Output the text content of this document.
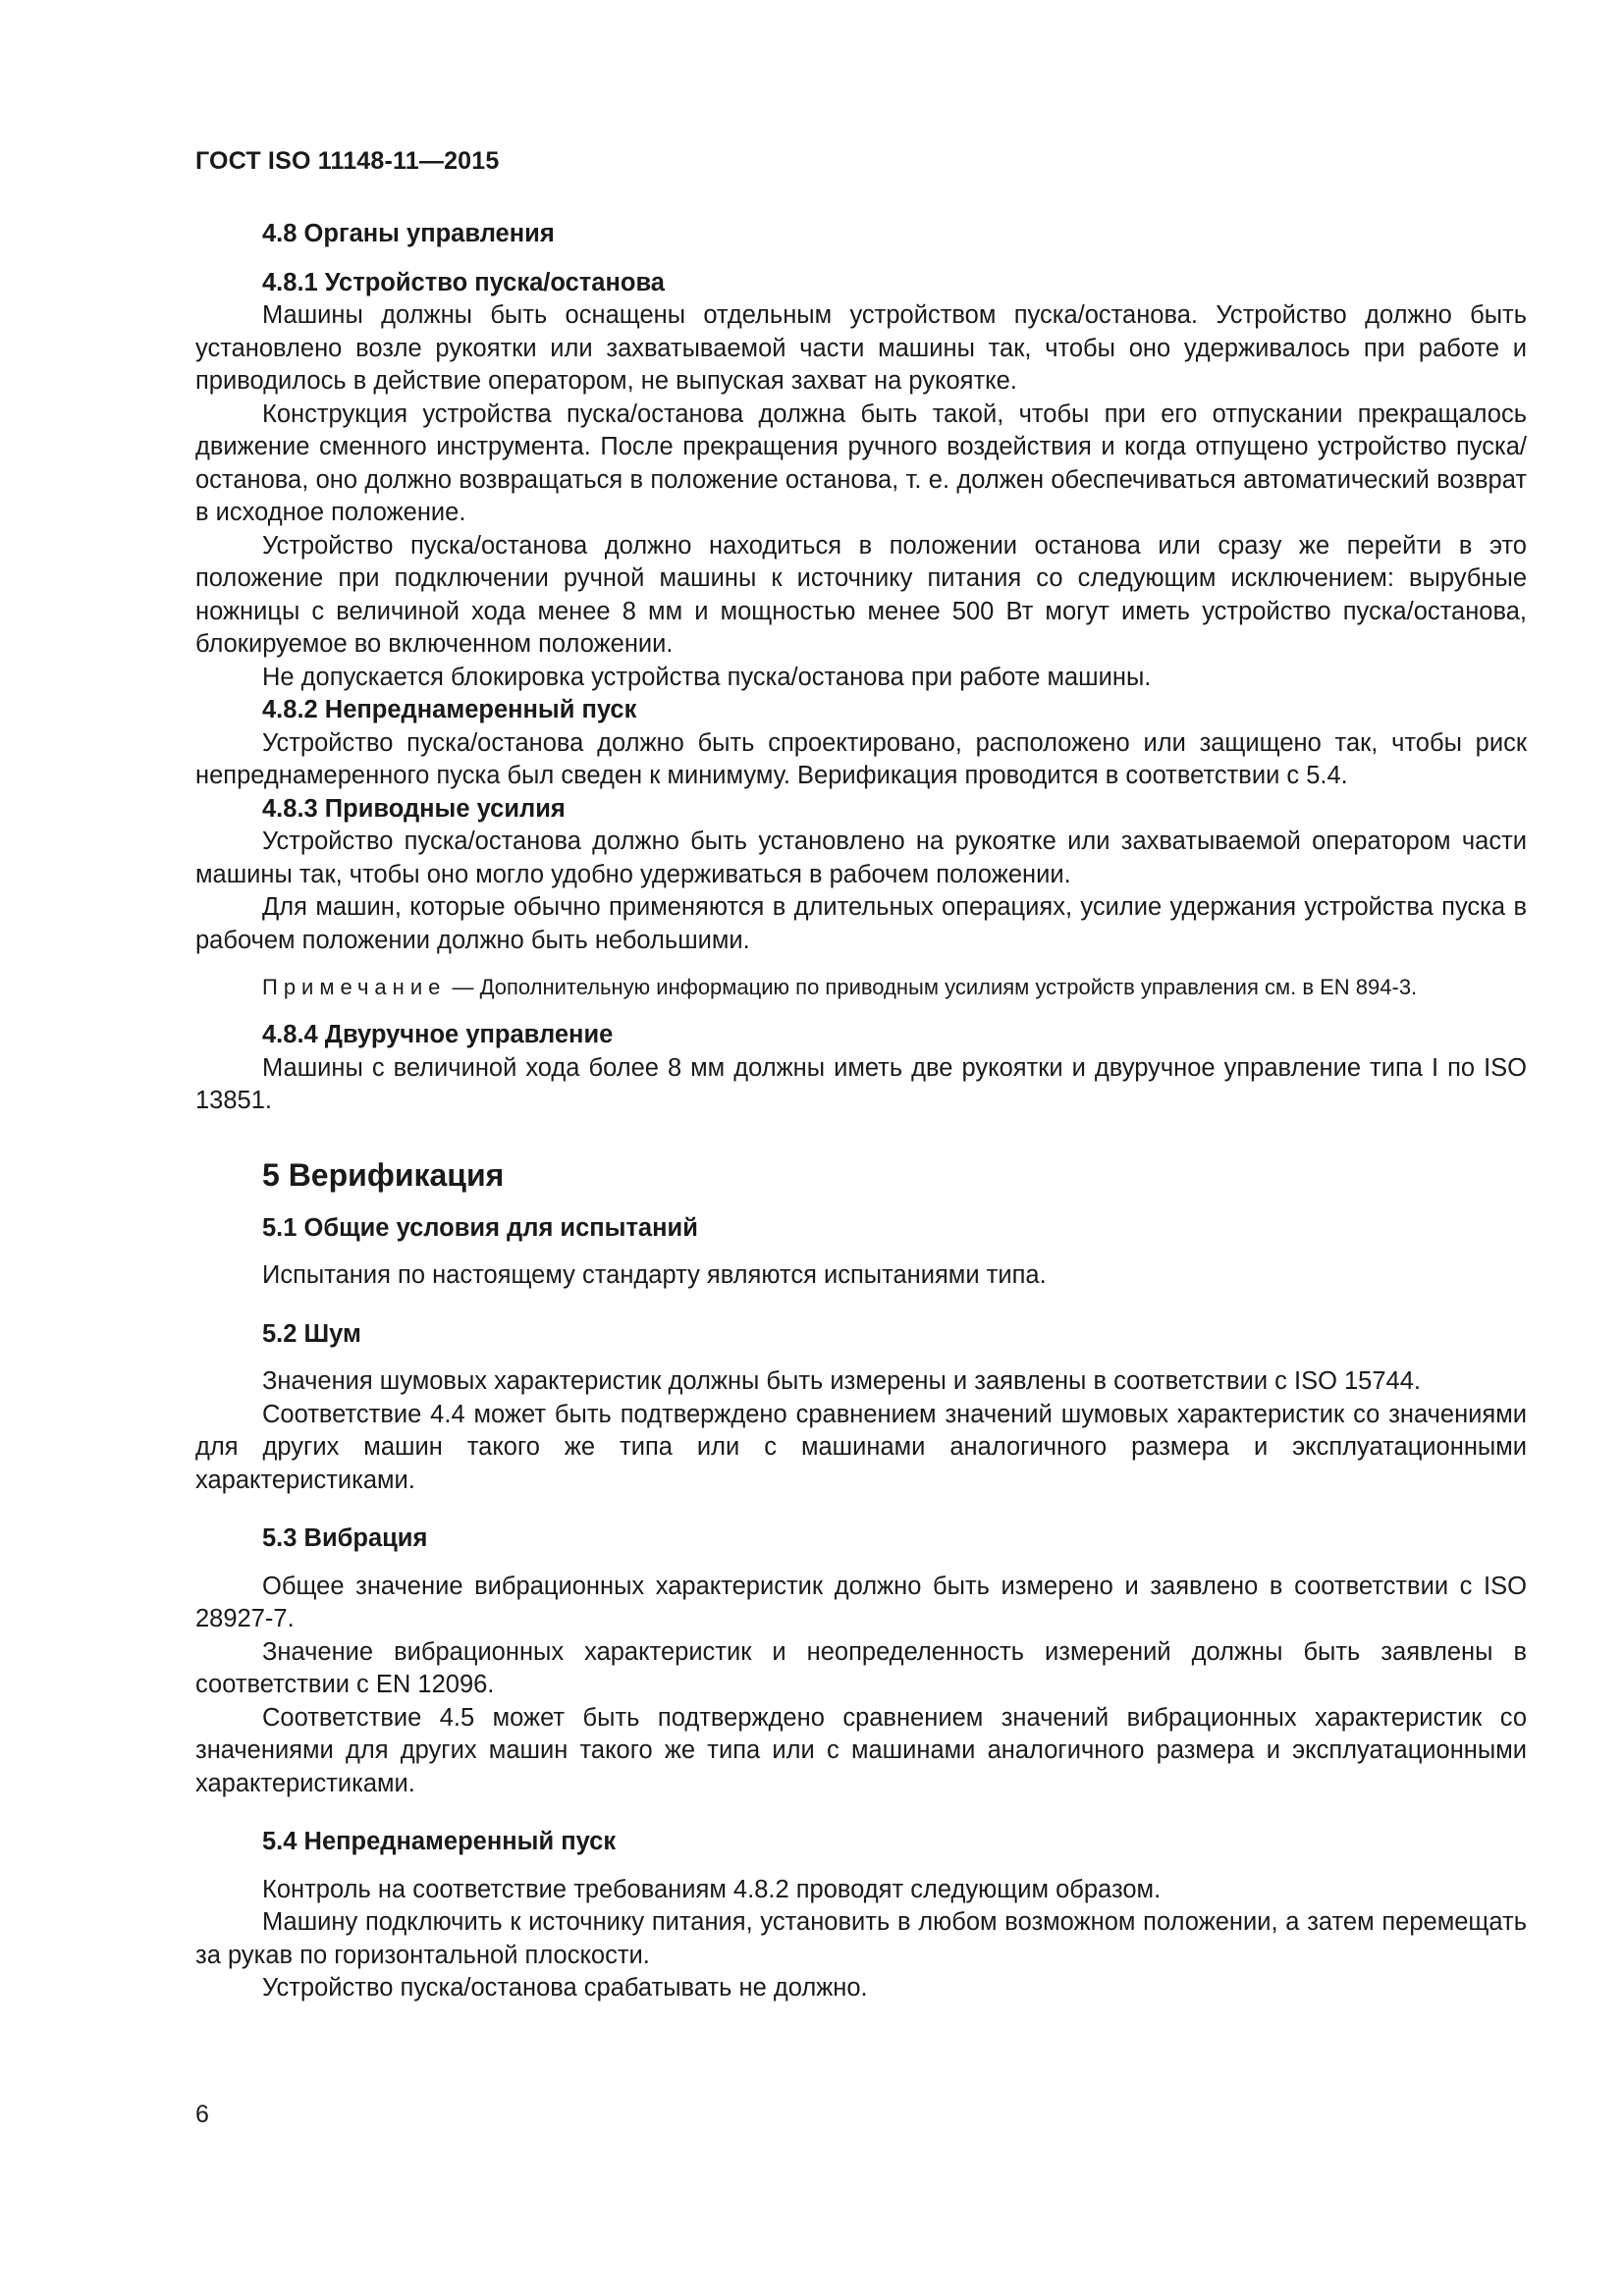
ГОСТ ISO 11148-11—2015
4.8 Органы управления
4.8.1 Устройство пуска/останова

Машины должны быть оснащены отдельным устройством пуска/останова. Устройство должно быть установлено возле рукоятки или захватываемой части машины так, чтобы оно удерживалось при работе и приводилось в действие оператором, не выпуская захват на рукоятке.

Конструкция устройства пуска/останова должна быть такой, чтобы при его отпускании прекращалось движение сменного инструмента. После прекращения ручного воздействия и когда отпущено устройство пуска/останова, оно должно возвращаться в положение останова, т. е. должен обеспечиваться автоматический возврат в исходное положение.

Устройство пуска/останова должно находиться в положении останова или сразу же перейти в это положение при подключении ручной машины к источнику питания со следующим исключением: вырубные ножницы с величиной хода менее 8 мм и мощностью менее 500 Вт могут иметь устройство пуска/останова, блокируемое во включенном положении.

Не допускается блокировка устройства пуска/останова при работе машины.

4.8.2 Непреднамеренный пуск

Устройство пуска/останова должно быть спроектировано, расположено или защищено так, чтобы риск непреднамеренного пуска был сведен к минимуму. Верификация проводится в соответствии с 5.4.

4.8.3 Приводные усилия

Устройство пуска/останова должно быть установлено на рукоятке или захватываемой оператором части машины так, чтобы оно могло удобно удерживаться в рабочем положении.

Для машин, которые обычно применяются в длительных операциях, усилие удержания устройства пуска в рабочем положении должно быть небольшими.

Примечание — Дополнительную информацию по приводным усилиям устройств управления см. в EN 894-3.
4.8.4 Двуручное управление

Машины с величиной хода более 8 мм должны иметь две рукоятки и двуручное управление типа I по ISO 13851.

5 Верификация
5.1 Общие условия для испытаний

Испытания по настоящему стандарту являются испытаниями типа.

5.2 Шум

Значения шумовых характеристик должны быть измерены и заявлены в соответствии с ISO 15744.

Соответствие 4.4 может быть подтверждено сравнением значений шумовых характеристик со значениями для других машин такого же типа или с машинами аналогичного размера и эксплуатационными характеристиками.

5.3 Вибрация

Общее значение вибрационных характеристик должно быть измерено и заявлено в соответствии с ISO 28927-7.

Значение вибрационных характеристик и неопределенность измерений должны быть заявлены в соответствии с EN 12096.

Соответствие 4.5 может быть подтверждено сравнением значений вибрационных характеристик со значениями для других машин такого же типа или с машинами аналогичного размера и эксплуатационными характеристиками.

5.4 Непреднамеренный пуск

Контроль на соответствие требованиям 4.8.2 проводят следующим образом.

Машину подключить к источнику питания, установить в любом возможном положении, а затем перемещать за рукав по горизонтальной плоскости.

Устройство пуска/останова срабатывать не должно.

6
